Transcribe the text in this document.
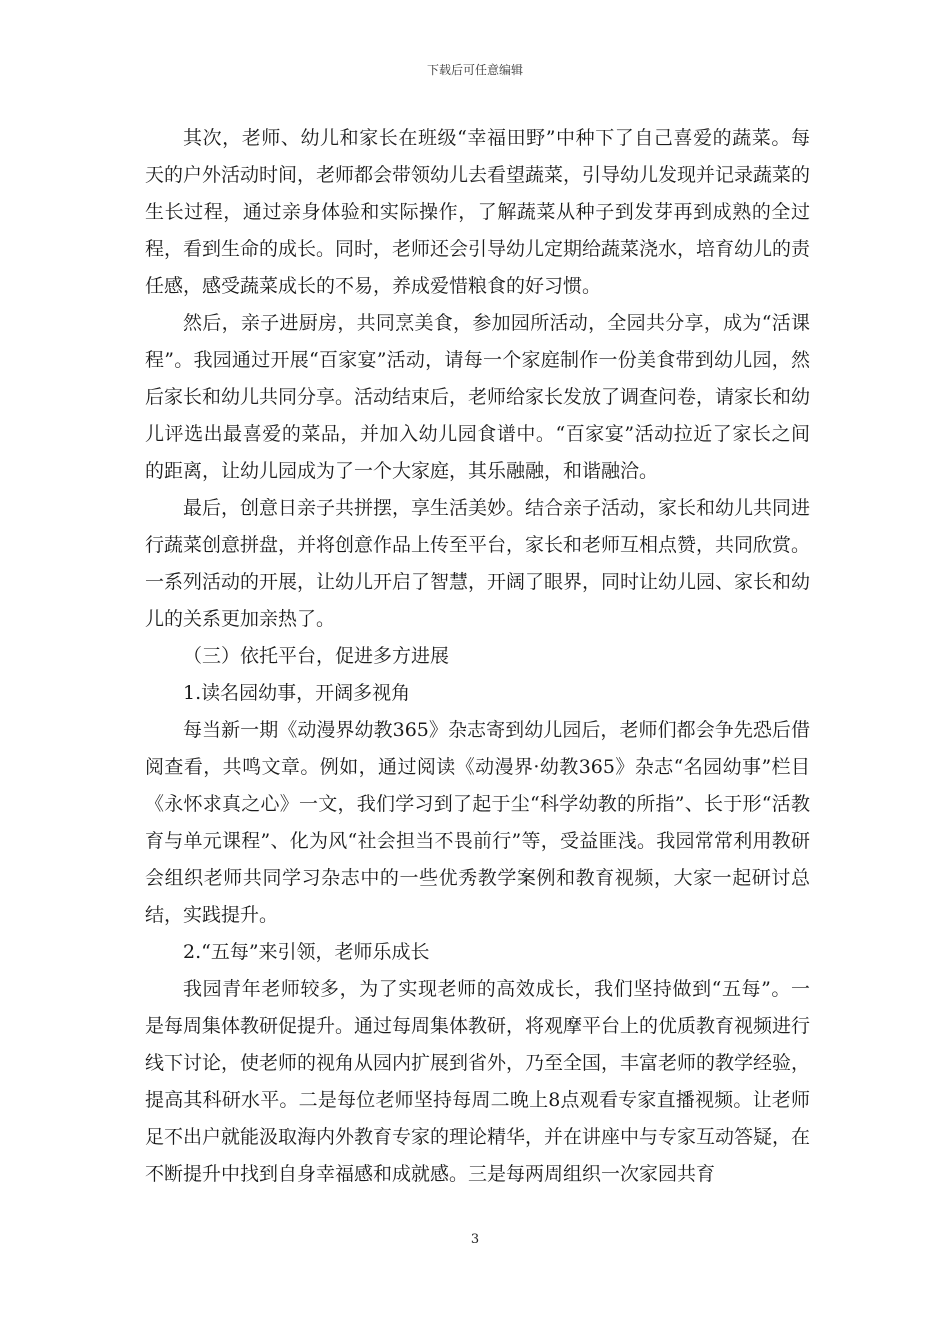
下载后可任意编辑

其次，老师、幼儿和家长在班级“幸福田野”中种下了自己喜爱的蔬菜。每天的户外活动时间，老师都会带领幼儿去看望蔬菜，引导幼儿发现并记录蔬菜的生长过程，通过亲身体验和实际操作，了解蔬菜从种子到发芽再到成熟的全过程，看到生命的成长。同时，老师还会引导幼儿定期给蔬菜浇水，培育幼儿的责任感，感受蔬菜成长的不易，养成爱惜粮食的好习惯。

然后，亲子进厨房，共同烹美食，参加园所活动，全园共分享，成为“活课程”。我园通过开展“百家宴”活动，请每一个家庭制作一份美食带到幼儿园，然后家长和幼儿共同分享。活动结束后，老师给家长发放了调查问卷，请家长和幼儿评选出最喜爱的菜品，并加入幼儿园食谱中。“百家宴”活动拉近了家长之间的距离，让幼儿园成为了一个大家庭，其乐融融，和谐融洽。

最后，创意日亲子共拼摆，享生活美妙。结合亲子活动，家长和幼儿共同进行蔬菜创意拼盘，并将创意作品上传至平台，家长和老师互相点赞，共同欣赏。一系列活动的开展，让幼儿开启了智慧，开阔了眼界，同时让幼儿园、家长和幼儿的关系更加亲热了。

（三）依托平台，促进多方进展

1.读名园幼事，开阔多视角

每当新一期《动漫界幼教365》杂志寄到幼儿园后，老师们都会争先恐后借阅查看，共鸣文章。例如，通过阅读《动漫界·幼教365》杂志“名园幼事”栏目《永怀求真之心》一文，我们学习到了起于尘“科学幼教的所指”、长于形“活教育与单元课程”、化为风“社会担当不畏前行”等，受益匪浅。我园常常利用教研会组织老师共同学习杂志中的一些优秀教学案例和教育视频，大家一起研讨总结，实践提升。

2.“五每”来引领，老师乐成长

我园青年老师较多，为了实现老师的高效成长，我们坚持做到“五每”。一是每周集体教研促提升。通过每周集体教研，将观摩平台上的优质教育视频进行线下讨论，使老师的视角从园内扩展到省外，乃至全国，丰富老师的教学经验，提高其科研水平。二是每位老师坚持每周二晚上8点观看专家直播视频。让老师足不出户就能汲取海内外教育专家的理论精华，并在讲座中与专家互动答疑，在不断提升中找到自身幸福感和成就感。三是每两周组织一次家园共育

3
